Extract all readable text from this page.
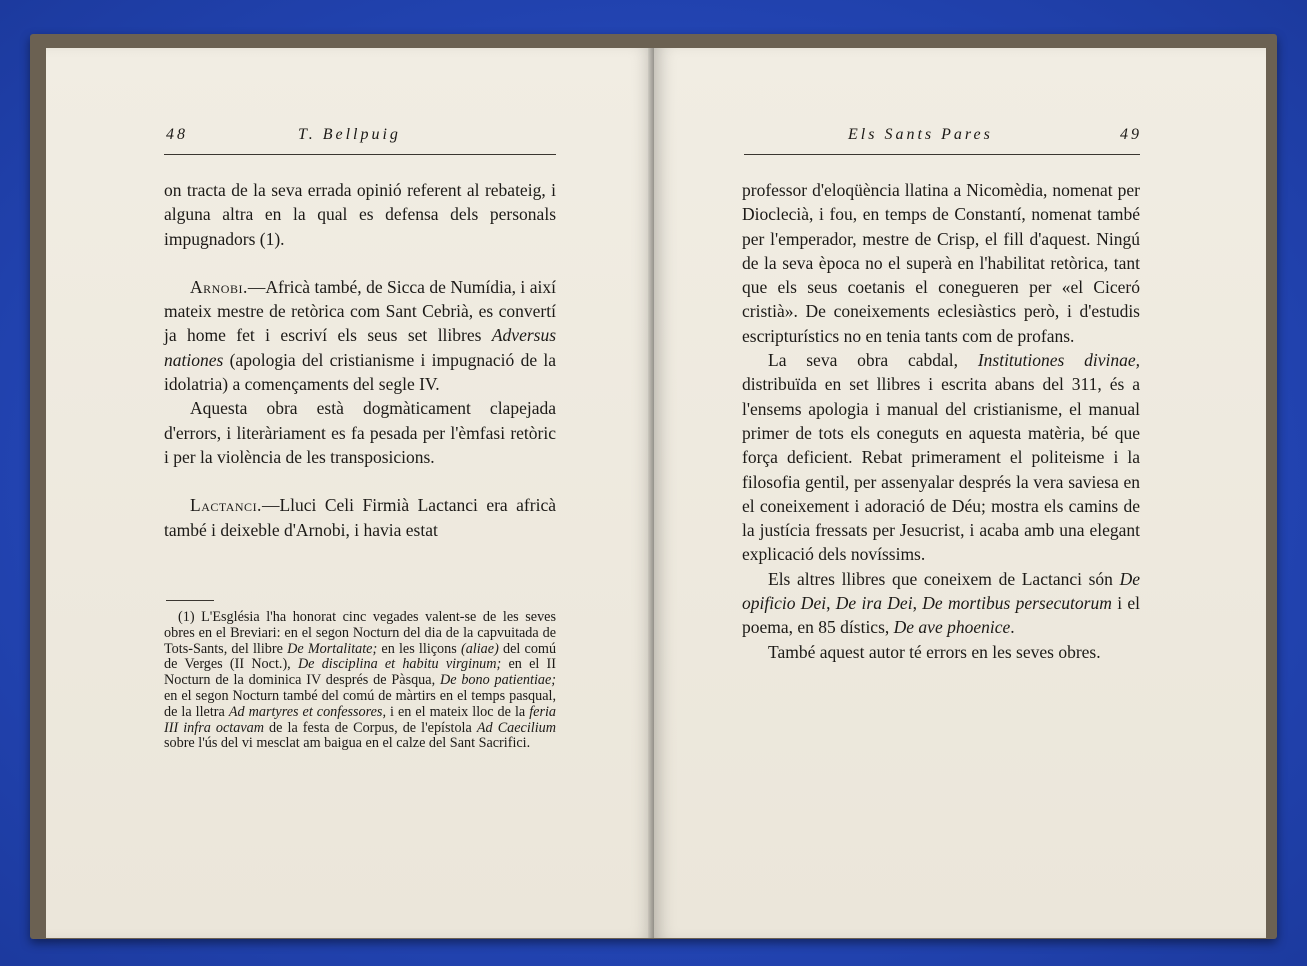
48	T. Bellpuig

on tracta de la seva errada opinió referent al rebateig, i alguna altra en la qual es defensa dels personals impugnadors (1).

Arnobi.—Africà també, de Sicca de Numídia, i així mateix mestre de retòrica com Sant Cebrià, es convertí ja home fet i escriví els seus set llibres Adversus nationes (apologia del cristianisme i impugnació de la idolatria) a començaments del segle IV.

Aquesta obra està dogmàticament clapejada d'errors, i literàriament es fa pesada per l'èmfasi retòric i per la violència de les transposicions.

Lactanci.—Lluci Celi Firmià Lactanci era africà també i deixeble d'Arnobi, i havia estat

(1) L'Església l'ha honorat cinc vegades valent-se de les seves obres en el Breviari: en el segon Nocturn del dia de la capvuitada de Tots-Sants, del llibre De Mortalitate; en les lliçons (aliae) del comú de Verges (II Noct.), De disciplina et habitu virginum; en el II Nocturn de la dominica IV després de Pàsqua, De bono patientiae; en el segon Nocturn també del comú de màrtirs en el temps pasqual, de la lletra Ad martyres et confessores, i en el mateix lloc de la feria III infra octavam de la festa de Corpus, de l'epístola Ad Caecilium sobre l'ús del vi mesclat am baigua en el calze del Sant Sacrifici.
Els Sants Pares	49

professor d'eloqüència llatina a Nicomèdia, nomenat per Dioclecià, i fou, en temps de Constantí, nomenat també per l'emperador, mestre de Crisp, el fill d'aquest. Ningú de la seva època no el superà en l'habilitat retòrica, tant que els seus coetanis el conegueren per «el Ciceró cristià». De coneixements eclesiàstics però, i d'estudis escripturístics no en tenia tants com de profans.

La seva obra cabdal, Institutiones divinae, distribuïda en set llibres i escrita abans del 311, és a l'ensems apologia i manual del cristianisme, el manual primer de tots els coneguts en aquesta matèria, bé que força deficient. Rebat primerament el politeisme i la filosofia gentil, per assenyalar després la vera saviesa en el coneixement i adoració de Déu; mostra els camins de la justícia fressats per Jesucrist, i acaba amb una elegant explicació dels novíssims.

Els altres llibres que coneixem de Lactanci són De opificio Dei, De ira Dei, De mortibus persecutorum i el poema, en 85 dístics, De ave phoenice.

També aquest autor té errors en les seves obres.
